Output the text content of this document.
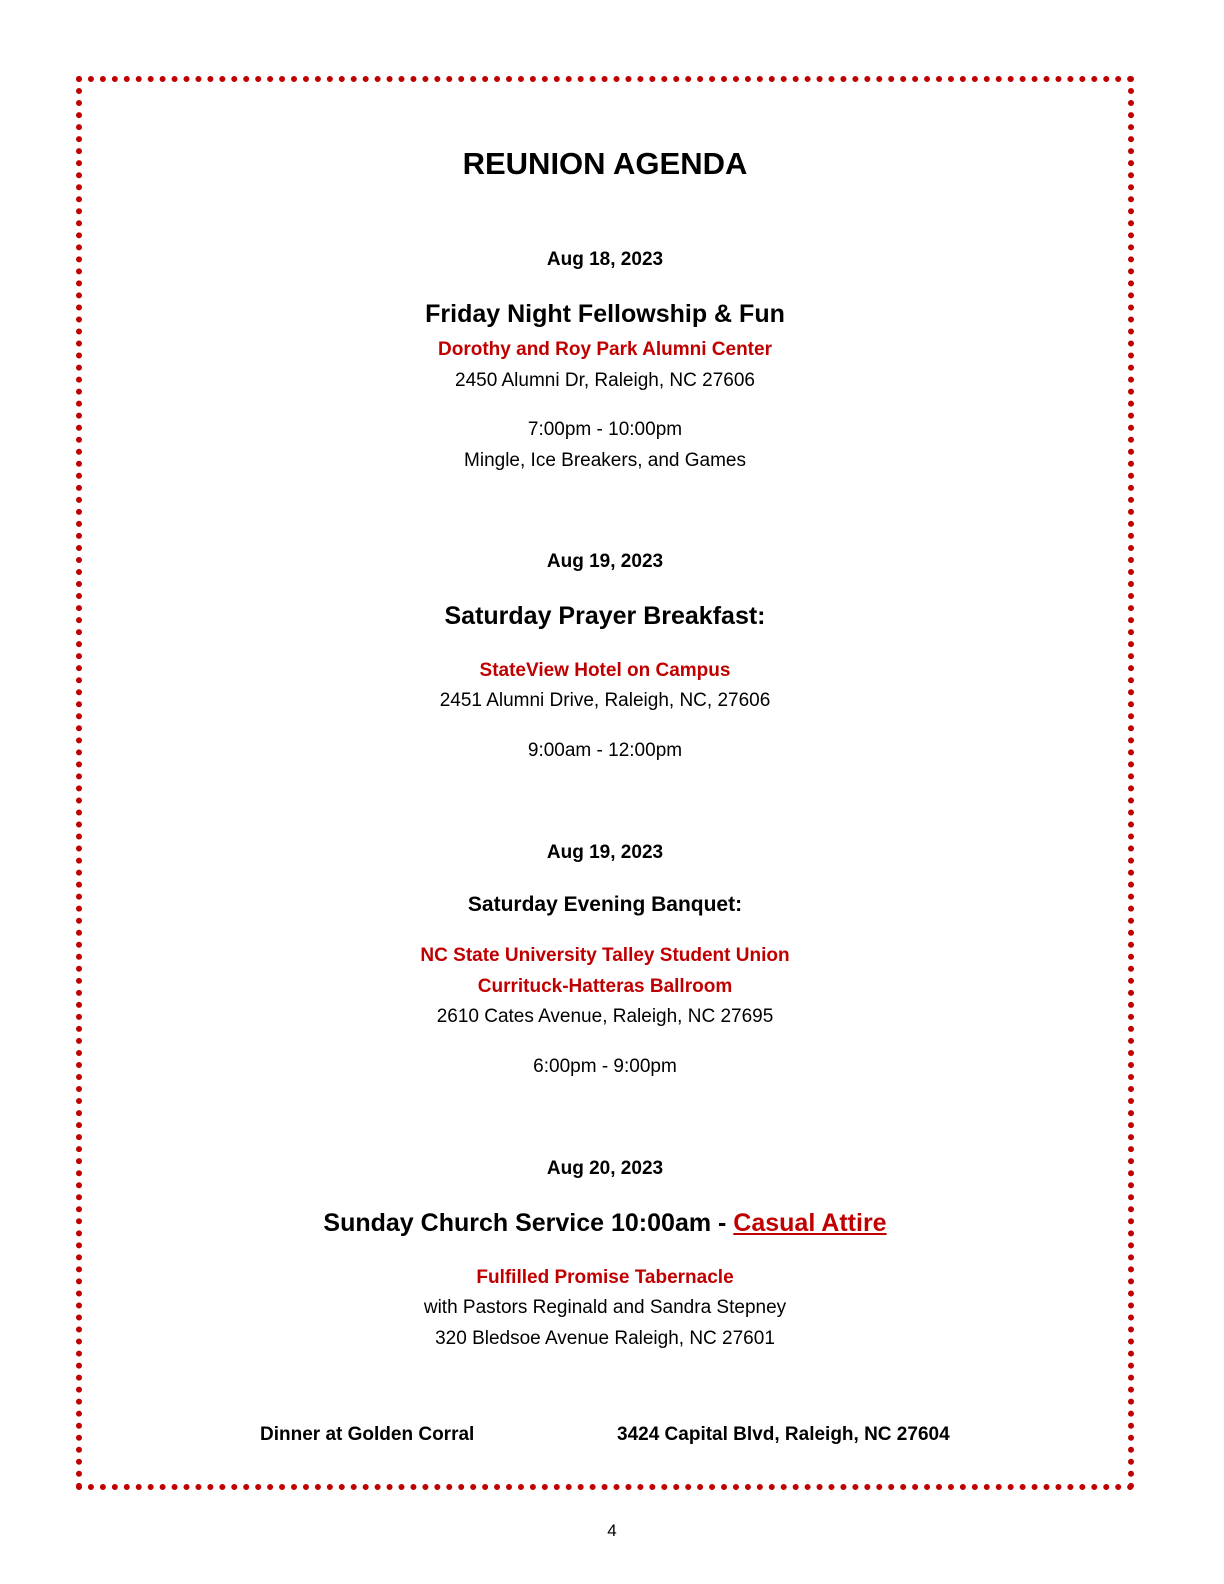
REUNION AGENDA
Aug 18, 2023
Friday Night Fellowship & Fun
Dorothy and Roy Park Alumni Center
2450 Alumni Dr, Raleigh, NC 27606
7:00pm - 10:00pm
Mingle, Ice Breakers, and Games
Aug 19, 2023
Saturday Prayer Breakfast:
StateView Hotel on Campus
2451 Alumni Drive, Raleigh, NC, 27606
9:00am - 12:00pm
Aug 19, 2023
Saturday Evening Banquet:
NC State University Talley Student Union
Currituck-Hatteras Ballroom
2610 Cates Avenue, Raleigh, NC 27695
6:00pm - 9:00pm
Aug 20, 2023
Sunday Church Service 10:00am - Casual Attire
Fulfilled Promise Tabernacle
with Pastors Reginald and Sandra Stepney
320 Bledsoe Avenue Raleigh, NC 27601
Dinner at Golden Corral	3424 Capital Blvd, Raleigh, NC 27604
4
